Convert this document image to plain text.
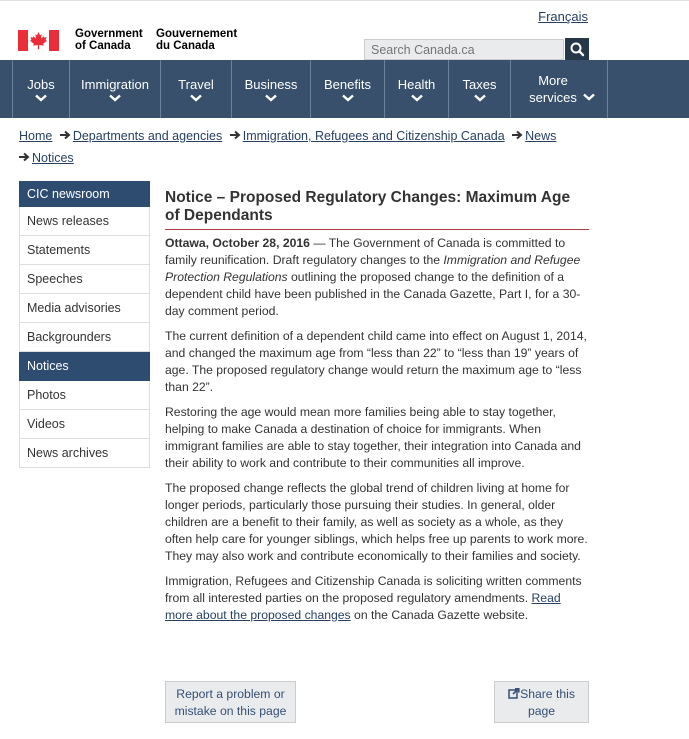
Français
Government
of Canada
Gouvernement
du Canada
Search Canada.ca
Jobs Immigration Travel Business Benefits Health Taxes	More services
Home Departments and agencies Immigration, Refugees and Citizenship Canada News
Notices
CIC newsroom
News releases
Statements
Speeches
Media advisories
Backgrounders
Notices
Photos
Videos
News archives
Notice – Proposed Regulatory Changes: Maximum Age of Dependants

Ottawa, October 28, 2016 — The Government of Canada is committed to family reunification. Draft regulatory changes to the Immigration and Refugee Protection Regulations outlining the proposed change to the definition of a dependent child have been published in the Canada Gazette, Part I, for a 30-day comment period.

The current definition of a dependent child came into effect on August 1, 2014, and changed the maximum age from “less than 22” to “less than 19” years of age. The proposed regulatory change would return the maximum age to “less than 22”.

Restoring the age would mean more families being able to stay together, helping to make Canada a destination of choice for immigrants. When immigrant families are able to stay together, their integration into Canada and their ability to work and contribute to their communities all improve.

The proposed change reflects the global trend of children living at home for longer periods, particularly those pursuing their studies. In general, older children are a benefit to their family, as well as society as a whole, as they often help care for younger siblings, which helps free up parents to work more. They may also work and contribute economically to their families and society.

Immigration, Refugees and Citizenship Canada is soliciting written comments from all interested parties on the proposed regulatory amendments. Read more about the proposed changes on the Canada Gazette website.

Report a problem or mistake on this page
Share this page
